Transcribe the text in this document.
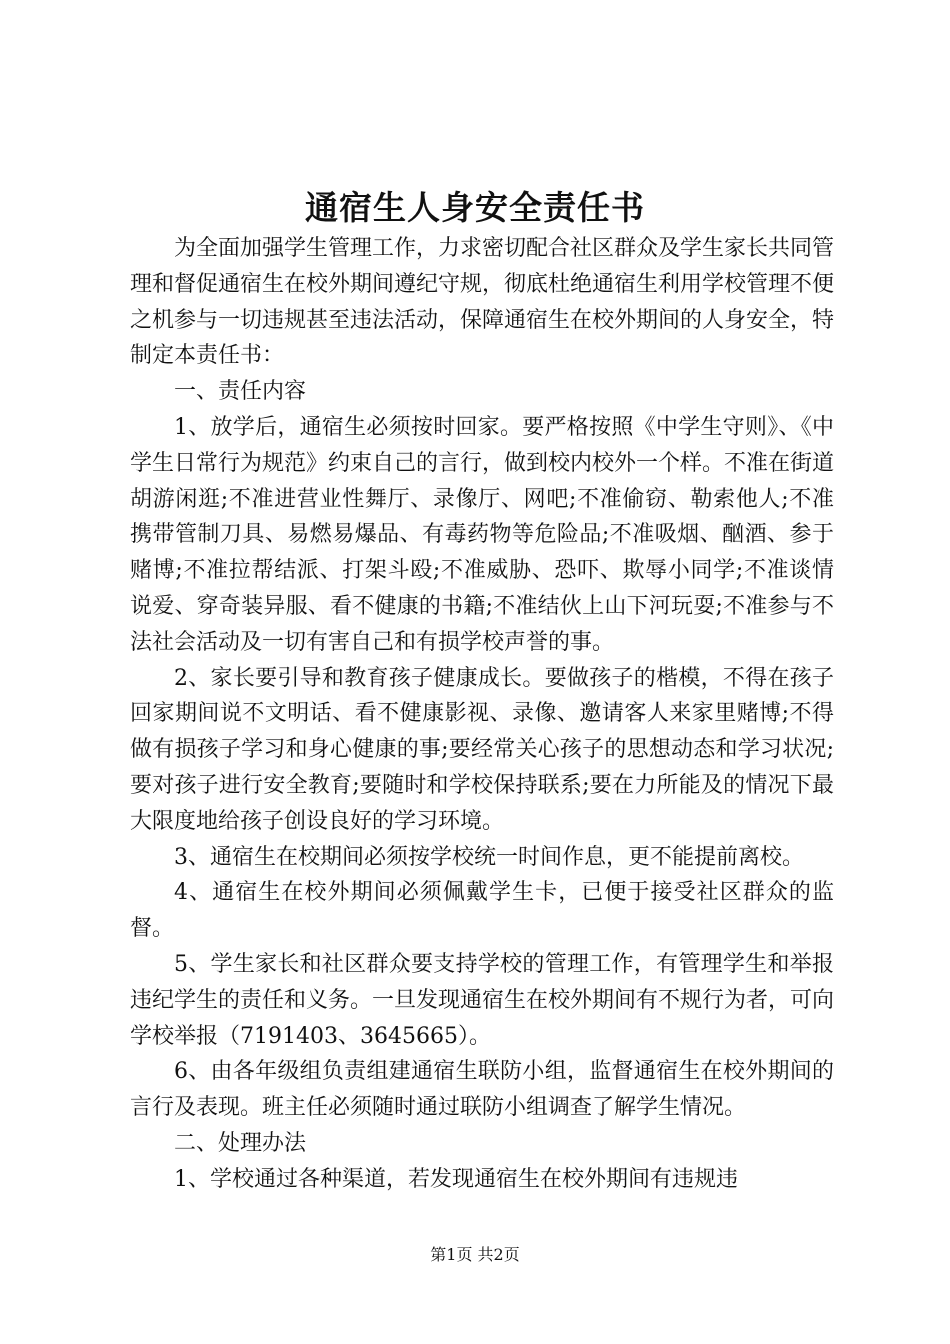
通宿生人身安全责任书

为全面加强学生管理工作，力求密切配合社区群众及学生家长共同管理和督促通宿生在校外期间遵纪守规，彻底杜绝通宿生利用学校管理不便之机参与一切违规甚至违法活动，保障通宿生在校外期间的人身安全，特制定本责任书：

一、责任内容

1、放学后，通宿生必须按时回家。要严格按照《中学生守则》、《中学生日常行为规范》约束自己的言行，做到校内校外一个样。不准在街道胡游闲逛;不准进营业性舞厅、录像厅、网吧;不准偷窃、勒索他人;不准携带管制刀具、易燃易爆品、有毒药物等危险品;不准吸烟、酗酒、参于赌博;不准拉帮结派、打架斗殴;不准威胁、恐吓、欺辱小同学;不准谈情说爱、穿奇装异服、看不健康的书籍;不准结伙上山下河玩耍;不准参与不法社会活动及一切有害自己和有损学校声誉的事。

2、家长要引导和教育孩子健康成长。要做孩子的楷模，不得在孩子回家期间说不文明话、看不健康影视、录像、邀请客人来家里赌博;不得做有损孩子学习和身心健康的事;要经常关心孩子的思想动态和学习状况;要对孩子进行安全教育;要随时和学校保持联系;要在力所能及的情况下最大限度地给孩子创设良好的学习环境。

3、通宿生在校期间必须按学校统一时间作息，更不能提前离校。

4、通宿生在校外期间必须佩戴学生卡，已便于接受社区群众的监督。

5、学生家长和社区群众要支持学校的管理工作，有管理学生和举报违纪学生的责任和义务。一旦发现通宿生在校外期间有不规行为者，可向学校举报（7191403、3645665）。

6、由各年级组负责组建通宿生联防小组，监督通宿生在校外期间的言行及表现。班主任必须随时通过联防小组调查了解学生情况。

二、处理办法

1、学校通过各种渠道，若发现通宿生在校外期间有违规违

第1页 共2页
